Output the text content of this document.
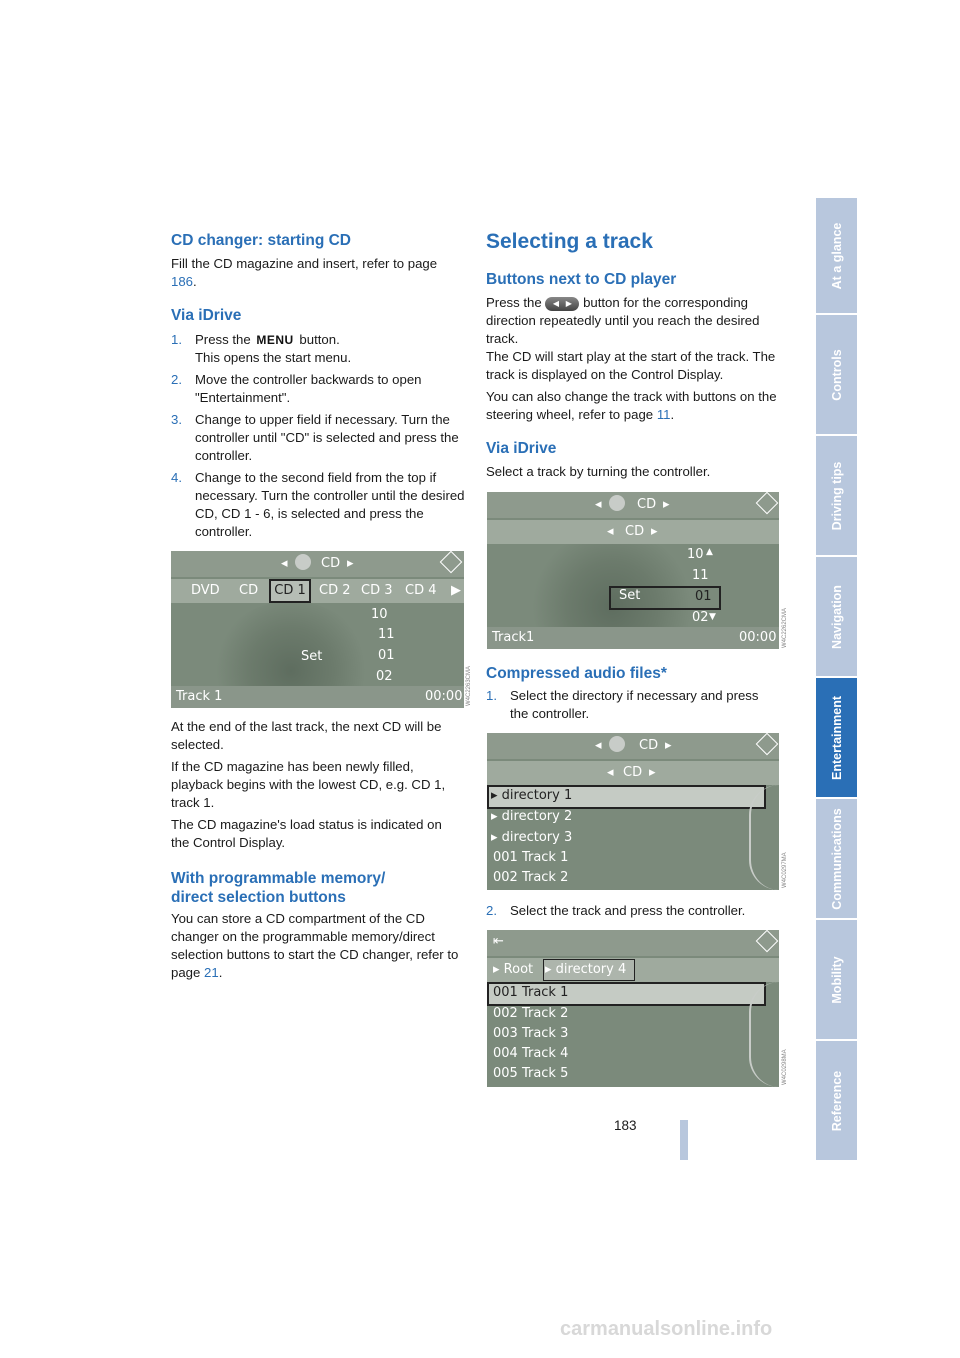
CD changer: starting CD
Fill the CD magazine and insert, refer to page 186.
Via iDrive
1. Press the MENU button.
This opens the start menu.
2. Move the controller backwards to open "Entertainment".
3. Change to upper field if necessary. Turn the controller until "CD" is selected and press the controller.
4. Change to the second field from the top if necessary. Turn the controller until the desired CD, CD 1 - 6, is selected and press the controller.
◂	CD ▸
DVD CD	CD 1	CD 2 CD 3 CD 4 ▶
10
11
01
02
Set
Track 1	00:00 W4C2263CMA
At the end of the last track, the next CD will be selected.
If the CD magazine has been newly filled, playback begins with the lowest CD, e.g. CD 1, track 1.
The CD magazine's load status is indicated on the Control Display.
With programmable memory/
direct selection buttons
You can store a CD compartment of the CD changer on the programmable memory/direct selection buttons to start the CD changer, refer to page 21.
Selecting a track
Buttons next to CD player
Press the ◀   ▶ button for the corresponding direction repeatedly until you reach the desired track.
The CD will start play at the start of the track. The track is displayed on the Control Display.
You can also change the track with buttons on the steering wheel, refer to page 11.
Via iDrive
Select a track by turning the controller.
◂	CD ▸
◂ CD ▸
10 ▲
11
Set	01
02 ▼
Track1	00:00 W4C2262CMA
Compressed audio files*
1. Select the directory if necessary and press the controller.
◂	CD ▸
◂ CD ▸
▸ directory 1
▸ directory 2
▸ directory 3
001 Track 1
002 Track 2	W4C0297MA
2. Select the track and press the controller.
⇤
▸ Root ▸ directory 4
001 Track 1
002 Track 2
003 Track 3
004 Track 4
005 Track 5	W4C0298MA
At a glance
Controls
Driving tips
Navigation
Entertainment
Communications
Mobility
Reference
183
carmanualsonline.info
